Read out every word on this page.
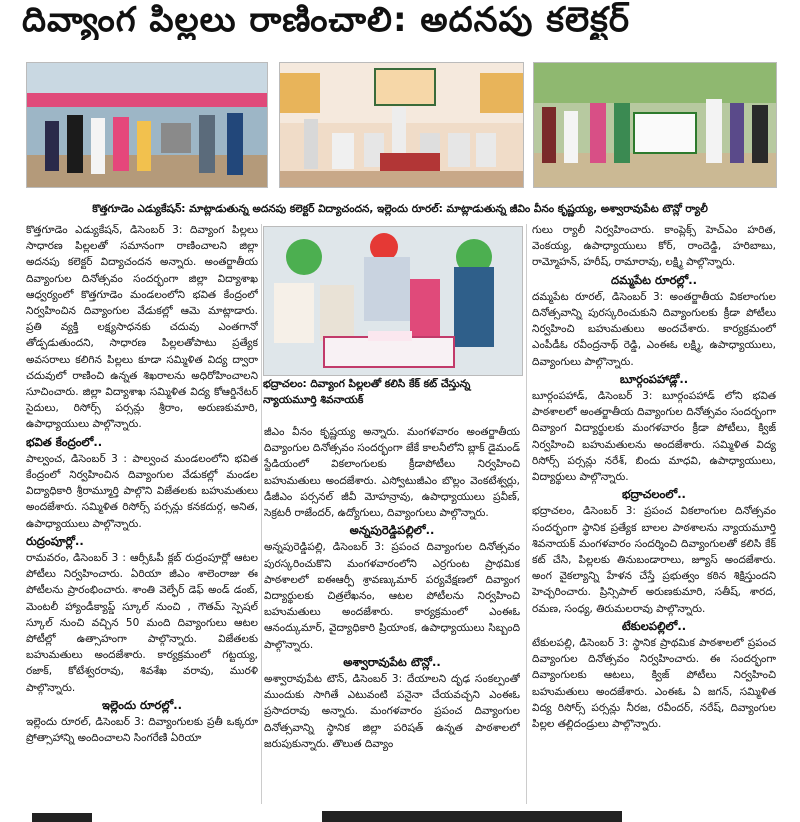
దివ్యాంగ పిల్లలు రాణించాలి: అదనపు కలెక్టర్
కొత్తగూడెం ఎడ్యుకేషన్: మాట్లాడుతున్న అదనపు కలెక్టర్ విద్యాచందన, ఇల్లెందు రూరల్: మాట్లాడుతున్న జీవిం వీనం కృష్ణయ్య, అశ్వారావుపేట టౌన్లో ర్యాలీ

కొత్తగూడెం ఎడ్యుకేషన్, డిసెంబర్ 3: దివ్యాంగ పిల్లలు సాధారణ పిల్లలతో సమానంగా రాణించాలని జిల్లా అదనపు కలెక్టర్ విద్యాచందన అన్నారు. అంతర్జాతీయ దివ్యాంగుల దినోత్సవం సందర్భంగా జిల్లా విద్యాశాఖ ఆధ్వర్యంలో కొత్తగూడెం మండలంలోని భవిత కేంద్రంలో నిర్వహించిన దివ్యాంగుల వేడుకల్లో ఆమె మాట్లాడారు. ప్రతి వ్యక్తి లక్ష్యసాధనకు చదువు ఎంతగానో తోడ్పడుతుందని, సాధారణ పిల్లలతోపాటు ప్రత్యేక అవసరాలు కలిగిన పిల్లలు కూడా సమ్మిళిత విద్య ద్వారా చదువులో రాణించి ఉన్నత శిఖరాలను అధిరోహించాలని సూచించారు. జిల్లా విద్యాశాఖ సమ్మిళిత విద్య కోఆర్డినేటర్ సైదులు, రిసోర్స్ పర్సన్లు శ్రీరాం, అరుణకుమారి, ఉపాధ్యాయులు పాల్గొన్నారు.

భవిత కేంద్రంలో..

పాల్వంచ, డిసెంబర్ 3 : పాల్వంచ మండలంలోని భవిత కేంద్రంలో నిర్వహించిన దివ్యాంగుల వేడుకల్లో మండల విద్యాధికారి శ్రీరామ్మూర్తి పాల్గొని విజేతలకు బహుమతులు అందజేశారు. సమ్మిళిత రిసోర్స్ పర్సన్లు కనకదుర్గ, అనిత, ఉపాధ్యాయులు పాల్గొన్నారు.

రుద్రంపూర్లో..

రామవరం, డిసెంబర్ 3 : ఆర్సీఓపీ క్లబ్ రుద్రంపూర్లో ఆటల పోటీలు నిర్వహించారు. ఏరియా జీఎం శాలెంరాజు ఈ పోటీలను ప్రారంభించారు. శాంతి వెల్ఫేర్ డెఫ్ అండ్ డంబ్, మెంటలీ హ్యాండీక్యాప్డ్ స్కూల్ నుంచి , గౌతమ్ స్పెషల్ స్కూల్ నుంచి వచ్చిన 50 మంది దివ్యాంగులు ఆటల పోటీల్లో ఉత్సాహంగా పాల్గొన్నారు. విజేతలకు బహుమతులు అందజేశారు. కార్యక్రమంలో గట్టయ్య, రజాక్, కోటేశ్వరరావు, శివశేఖ వరావు, మురళి పాల్గొన్నారు.

ఇల్లెందు రూరల్లో..

ఇల్లెందు రూరల్, డిసెంబర్ 3: దివ్యాంగులకు ప్రతీ ఒక్కరూ ప్రోత్సాహాన్ని అందించాలని సింగరేణి ఏరియా

భద్రాచలం: దివ్యాంగ పిల్లలతో కలిసి కేక్ కట్ చేస్తున్న న్యాయమూర్తి శివనాయక్

జీఎం వీనం కృష్ణయ్య అన్నారు. మంగళవారం అంతర్జాతీయ దివ్యాంగుల దినోత్సవం సందర్భంగా జేకే కాలనీలోని బ్లాక్ డైమండ్ స్టేడియంలో వికలాంగులకు క్రీడాపోటీలు నిర్వహించి బహుమతులు అందజేశారు. ఎస్వోటుజీఎం బొల్లం వెంకటేశ్వర్లు, డీజీఎం పర్సనల్ జీవీ మోహన్రావు, ఉపాధ్యాయులు ప్రవీణ్, సెక్రటరీ రాజేందర్, ఉద్యోగులు, దివ్యాంగులు పాల్గొన్నారు.

అన్నపురెడ్డిపల్లిలో..

అన్నపురెడ్డిపల్లి, డిసెంబర్ 3: ప్రపంచ దివ్యాంగుల దినోత్సవం పురస్కరించుకొని మంగళవారంలోని ఎర్రగుంట ప్రాథమిక పాఠశాలలో ఐఈఆర్పీ శ్రావణ్కుమార్ పర్యవేక్షణలో దివ్యాంగ విద్యార్థులకు చిత్రలేఖనం, ఆటల పోటీలను నిర్వహించి బహుమతులు అందజేశారు. కార్యక్రమంలో ఎంఈఓ ఆనంద్కుమార్, వైద్యాధికారి ప్రియాంక, ఉపాధ్యాయులు సిబ్బంది పాల్గొన్నారు.

అశ్వారావుపేట టౌన్లో..

అశ్వారావుపేట టౌన్, డిసెంబర్ 3: దేయాలని దృఢ సంకల్పంతో ముందుకు సాగితే ఎటువంటి పనైనా చేయవచ్చని ఎంఈఓ ప్రసాదరావు అన్నారు. మంగళవారం ప్రపంచ దివ్యాంగుల దినోత్సవాన్ని స్థానిక జిల్లా పరిషత్ ఉన్నత పాఠశాలలో జరుపుకున్నారు. తొలుత దివ్యాం

గులు ర్యాలీ నిర్వహించారు. కాంప్లెక్స్ హెచ్ఎం హరిత, వెంకయ్య, ఉపాధ్యాయులు కోర్, రాందెడ్డి, హరిబాబు, రామ్మోహన్, హరీష్, రామారావు, లక్ష్మి పాల్గొన్నారు.

దమ్మపేట రూరల్లో..

దమ్మపేట రూరల్, డిసెంబర్ 3: అంతర్జాతీయ వికలాంగుల దినోత్సవాన్ని పురస్కరించుకుని దివ్యాంగులకు క్రీడా పోటీలు నిర్వహించి బహుమతులు అందచేశారు. కార్యక్రమంలో ఎంపీడీఓ రవీంద్రనాథ్ రెడ్డి, ఎంఈఓ లక్ష్మి, ఉపాధ్యాయులు, దివ్యాంగులు పాల్గొన్నారు.

బూర్గంపహాడ్లో..

బూర్గంపహాడ్, డిసెంబర్ 3: బూర్గంపహాడ్ లోని భవిత పాఠశాలలో అంతర్జాతీయ దివ్యాంగుల దినోత్సవం సందర్భంగా దివ్యాంగ విద్యార్థులకు మంగళవారం క్రీడా పోటీలు, క్విజ్ నిర్వహించి బహుమతులను అందజేశారు. సమ్మిళిత విద్య రిసోర్స్ పర్సన్లు నరేశ్, బిందు మాధవి, ఉపాధ్యాయులు, విద్యార్థులు పాల్గొన్నారు.

భద్రాచలంలో..

భద్రాచలం, డిసెంబర్ 3: ప్రపంచ వికలాంగుల దినోత్సవం సందర్భంగా స్థానిక ప్రత్యేక బాలల పాఠశాలను న్యాయమూర్తి శివనాయక్ మంగళవారం సందర్శించి దివ్యాంగులతో కలిసి కేక్ కట్ చేసి, పిల్లలకు తినుబండారాలు, జ్యూస్ అందజేశారు. అంగ వైకల్యాన్ని హేళన చేస్తే ప్రభుత్వం కఠిన శిక్షిస్తుందని హెచ్చరించారు. ప్రిన్సిపాల్ అరుణకుమారి, సతీష్, శారద, రమణ, సంధ్య, తిరుమలరావు పాల్గొన్నారు.

టేకులపల్లిలో..

టేకులపల్లి, డిసెంబర్ 3: స్థానిక ప్రాథమిక పాఠశాలలో ప్రపంచ దివ్యాంగుల దినోత్సవం నిర్వహించారు. ఈ సందర్భంగా దివ్యాంగులకు ఆటలు, క్విజ్ పోటీలు నిర్వహించి బహుమతులు అందజేశారు. ఎంఈఓ ఏ జగన్, సమ్మిళిత విద్య రిసోర్స్ పర్సన్లు నీరజ, రవీందర్, నరేష్, దివ్యాంగుల పిల్లల తల్లిదండ్రులు పాల్గొన్నారు.
